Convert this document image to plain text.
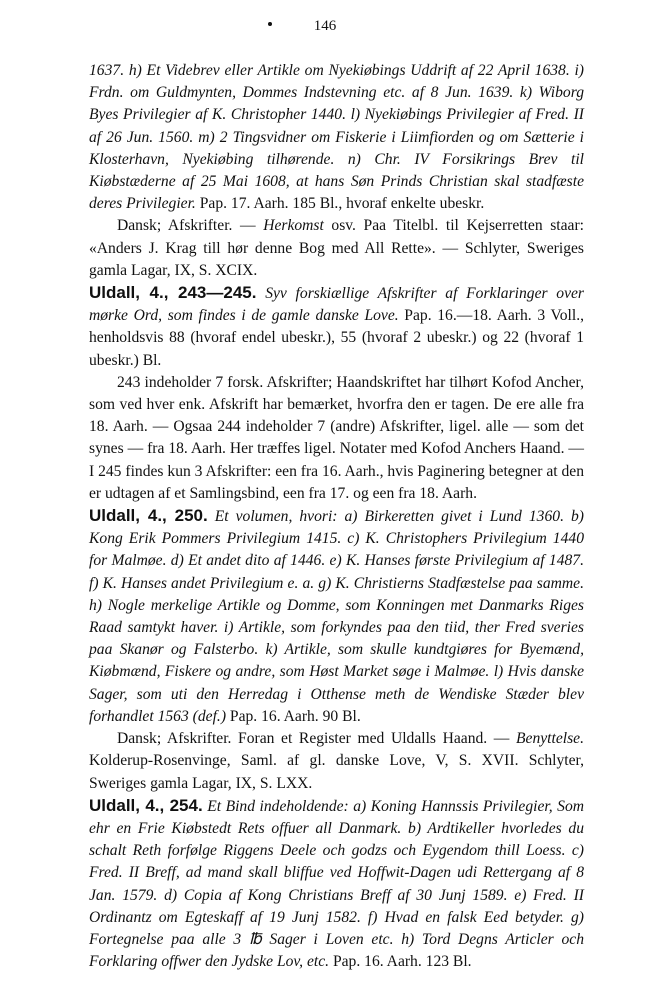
146

1637. h) Et Videbrev eller Artikle om Nyekiøbings Uddrift af 22 April 1638. i) Frdn. om Guldmynten, Dommes Indstevning etc. af 8 Jun. 1639. k) Wiborg Byes Privilegier af K. Christopher 1440. l) Nyekiøbings Privilegier af Fred. II af 26 Jun. 1560. m) 2 Tingsvidner om Fiskerie i Liimfiorden og om Sætterie i Klosterhavn, Nyekiøbing tilhørende. n) Chr. IV Forsikrings Brev til Kiøbstæderne af 25 Mai 1608, at hans Søn Prinds Christian skal stadfæste deres Privilegier. Pap. 17. Aarh. 185 Bl., hvoraf enkelte ubeskr.

Dansk; Afskrifter. — Herkomst osv. Paa Titelbl. til Kejserretten staar: «Anders J. Krag till hør denne Bog med All Rette». — Schlyter, Sweriges gamla Lagar, IX, S. XCIX.

Uldall, 4., 243—245. Syv forskiællige Afskrifter af Forklaringer over mørke Ord, som findes i de gamle danske Love. Pap. 16.—18. Aarh. 3 Voll., henholdsvis 88 (hvoraf endel ubeskr.), 55 (hvoraf 2 ubeskr.) og 22 (hvoraf 1 ubeskr.) Bl.

243 indeholder 7 forsk. Afskrifter; Haandskriftet har tilhørt Kofod Ancher, som ved hver enk. Afskrift har bemærket, hvorfra den er tagen. De ere alle fra 18. Aarh. — Ogsaa 244 indeholder 7 (andre) Afskrifter, ligel. alle — som det synes — fra 18. Aarh. Her træffes ligel. Notater med Kofod Anchers Haand. — I 245 findes kun 3 Afskrifter: een fra 16. Aarh., hvis Paginering betegner at den er udtagen af et Samlingsbind, een fra 17. og een fra 18. Aarh.

Uldall, 4., 250. Et volumen, hvori: a) Birkeretten givet i Lund 1360. b) Kong Erik Pommers Privilegium 1415. c) K. Christophers Privilegium 1440 for Malmøe. d) Et andet dito af 1446. e) K. Hanses første Privilegium af 1487. f) K. Hanses andet Privilegium e. a. g) K. Christierns Stadfæstelse paa samme. h) Nogle merkelige Artikle og Domme, som Konningen met Danmarks Riges Raad samtykt haver. i) Artikle, som forkyndes paa den tiid, ther Fred sveries paa Skanør og Falsterbo. k) Artikle, som skulle kundtgiøres for Byemænd, Kiøbmænd, Fiskere og andre, som Høst Market søge i Malmøe. l) Hvis danske Sager, som uti den Herredag i Otthense meth de Wendiske Stæder blev forhandlet 1563 (def.) Pap. 16. Aarh. 90 Bl.

Dansk; Afskrifter. Foran et Register med Uldalls Haand. — Benyttelse. Kolderup-Rosenvinge, Saml. af gl. danske Love, V, S. XVII. Schlyter, Sweriges gamla Lagar, IX, S. LXX.

Uldall, 4., 254. Et Bind indeholdende: a) Koning Hannssis Privilegier, Som ehr en Frie Kiøbstedt Rets offuer all Danmark. b) Ardtikeller hvorledes du schalt Reth forfølge Riggens Deele och godzs och Eygendom thill Loess. c) Fred. II Breff, ad mand skall bliffue ved Hoffwit-Dagen udi Rettergang af 8 Jan. 1579. d) Copia af Kong Christians Breff af 30 Junj 1589. e) Fred. II Ordinantz om Egteskaff af 19 Junj 1582. f) Hvad en falsk Eed betyder. g) Fortegnelse paa alle 3 ℔ Sager i Loven etc. h) Tord Degns Articler och Forklaring offwer den Jydske Lov, etc. Pap. 16. Aarh. 123 Bl.
